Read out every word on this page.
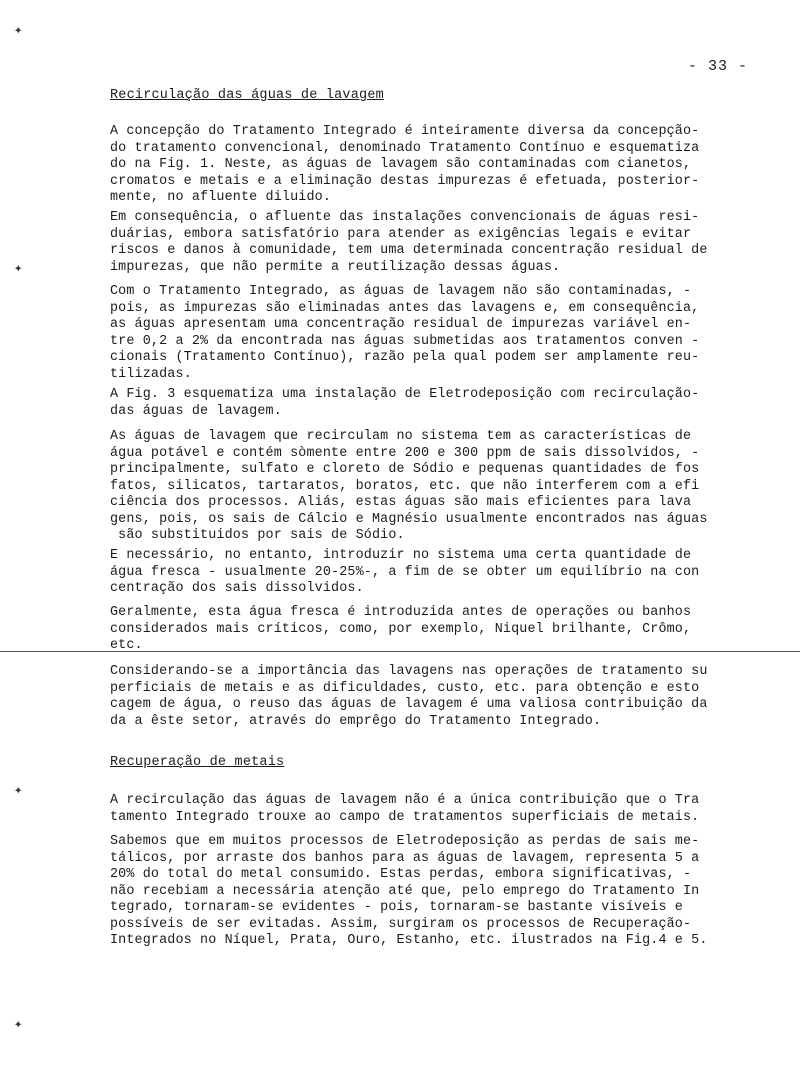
- 33 -
✦
✦
✦
✦
Recirculação das águas de lavagem
A concepção do Tratamento Integrado é inteiramente diversa da concepção-
do tratamento convencional, denominado Tratamento Contínuo e esquematiza
do na Fig. 1. Neste, as águas de lavagem são contaminadas com cianetos,
cromatos e metais e a eliminação destas impurezas é efetuada, posterior-
mente, no afluente diluido.
Em consequência, o afluente das instalações convencionais de águas resi-
duárias, embora satisfatório para atender as exigências legais e evitar
riscos e danos à comunidade, tem uma determinada concentração residual de
impurezas, que não permite a reutilização dessas águas.
Com o Tratamento Integrado, as águas de lavagem não são contaminadas, -
pois, as impurezas são eliminadas antes das lavagens e, em consequência,
as águas apresentam uma concentração residual de impurezas variável en-
tre 0,2 a 2% da encontrada nas águas submetidas aos tratamentos conven -
cionais (Tratamento Contínuo), razão pela qual podem ser amplamente reu-
tilizadas.
A Fig. 3 esquematiza uma instalação de Eletrodeposição com recirculação-
das águas de lavagem.
As águas de lavagem que recirculam no sistema tem as características de
água potável e contém sòmente entre 200 e 300 ppm de sais dissolvidos, -
principalmente, sulfato e cloreto de Sódio e pequenas quantidades de fos
fatos, silicatos, tartaratos, boratos, etc. que não interferem com a efi
ciência dos processos. Aliás, estas águas são mais eficientes para lava
gens, pois, os sais de Cálcio e Magnésio usualmente encontrados nas águas
são substituidos por sais de Sódio.
É necessário, no entanto, introduzir no sistema uma certa quantidade de
água fresca - usualmente 20-25%-, a fim de se obter um equilíbrio na con
centração dos sais dissolvidos.
Geralmente, esta água fresca é introduzida antes de operações ou banhos
considerados mais críticos, como, por exemplo, Niquel brilhante, Crômo,
etc.
Considerando-se a importância das lavagens nas operações de tratamento su
perficiais de metais e as dificuldades, custo, etc. para obtenção e esto
cagem de água, o reuso das águas de lavagem é uma valiosa contribuição da
da a êste setor, através do emprêgo do Tratamento Integrado.
Recuperação de metais
A recirculação das águas de lavagem não é a única contribuição que o Tra
tamento Integrado trouxe ao campo de tratamentos superficiais de metais.
Sabemos que em muitos processos de Eletrodeposição as perdas de sais me-
tálicos, por arraste dos banhos para as águas de lavagem, representa 5 a
20% do total do metal consumido. Estas perdas, embora significativas, -
não recebiam a necessária atenção até que, pelo emprego do Tratamento In
tegrado, tornaram-se evidentes - pois, tornaram-se bastante visíveis e
possíveis de ser evitadas. Assim, surgiram os processos de Recuperação-
Integrados no Níquel, Prata, Ouro, Estanho, etc. ilustrados na Fig.4 e 5.
